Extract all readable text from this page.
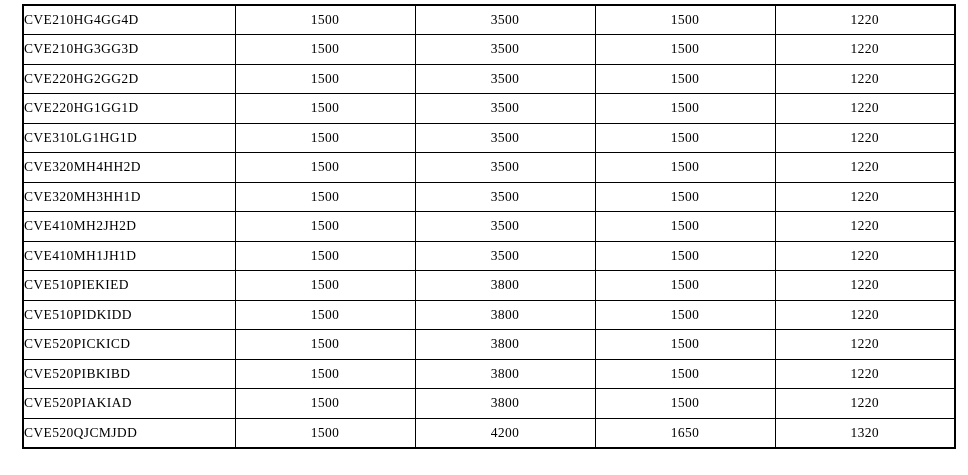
CVE210HG4GG4D	1500	3500	1500	1220
CVE210HG3GG3D	1500	3500	1500	1220
CVE220HG2GG2D	1500	3500	1500	1220
CVE220HG1GG1D	1500	3500	1500	1220
CVE310LG1HG1D	1500	3500	1500	1220
CVE320MH4HH2D	1500	3500	1500	1220
CVE320MH3HH1D	1500	3500	1500	1220
CVE410MH2JH2D	1500	3500	1500	1220
CVE410MH1JH1D	1500	3500	1500	1220
CVE510PIEKIED	1500	3800	1500	1220
CVE510PIDKIDD	1500	3800	1500	1220
CVE520PICKICD	1500	3800	1500	1220
CVE520PIBKIBD	1500	3800	1500	1220
CVE520PIAKIAD	1500	3800	1500	1220
CVE520QJCMJDD	1500	4200	1650	1320
